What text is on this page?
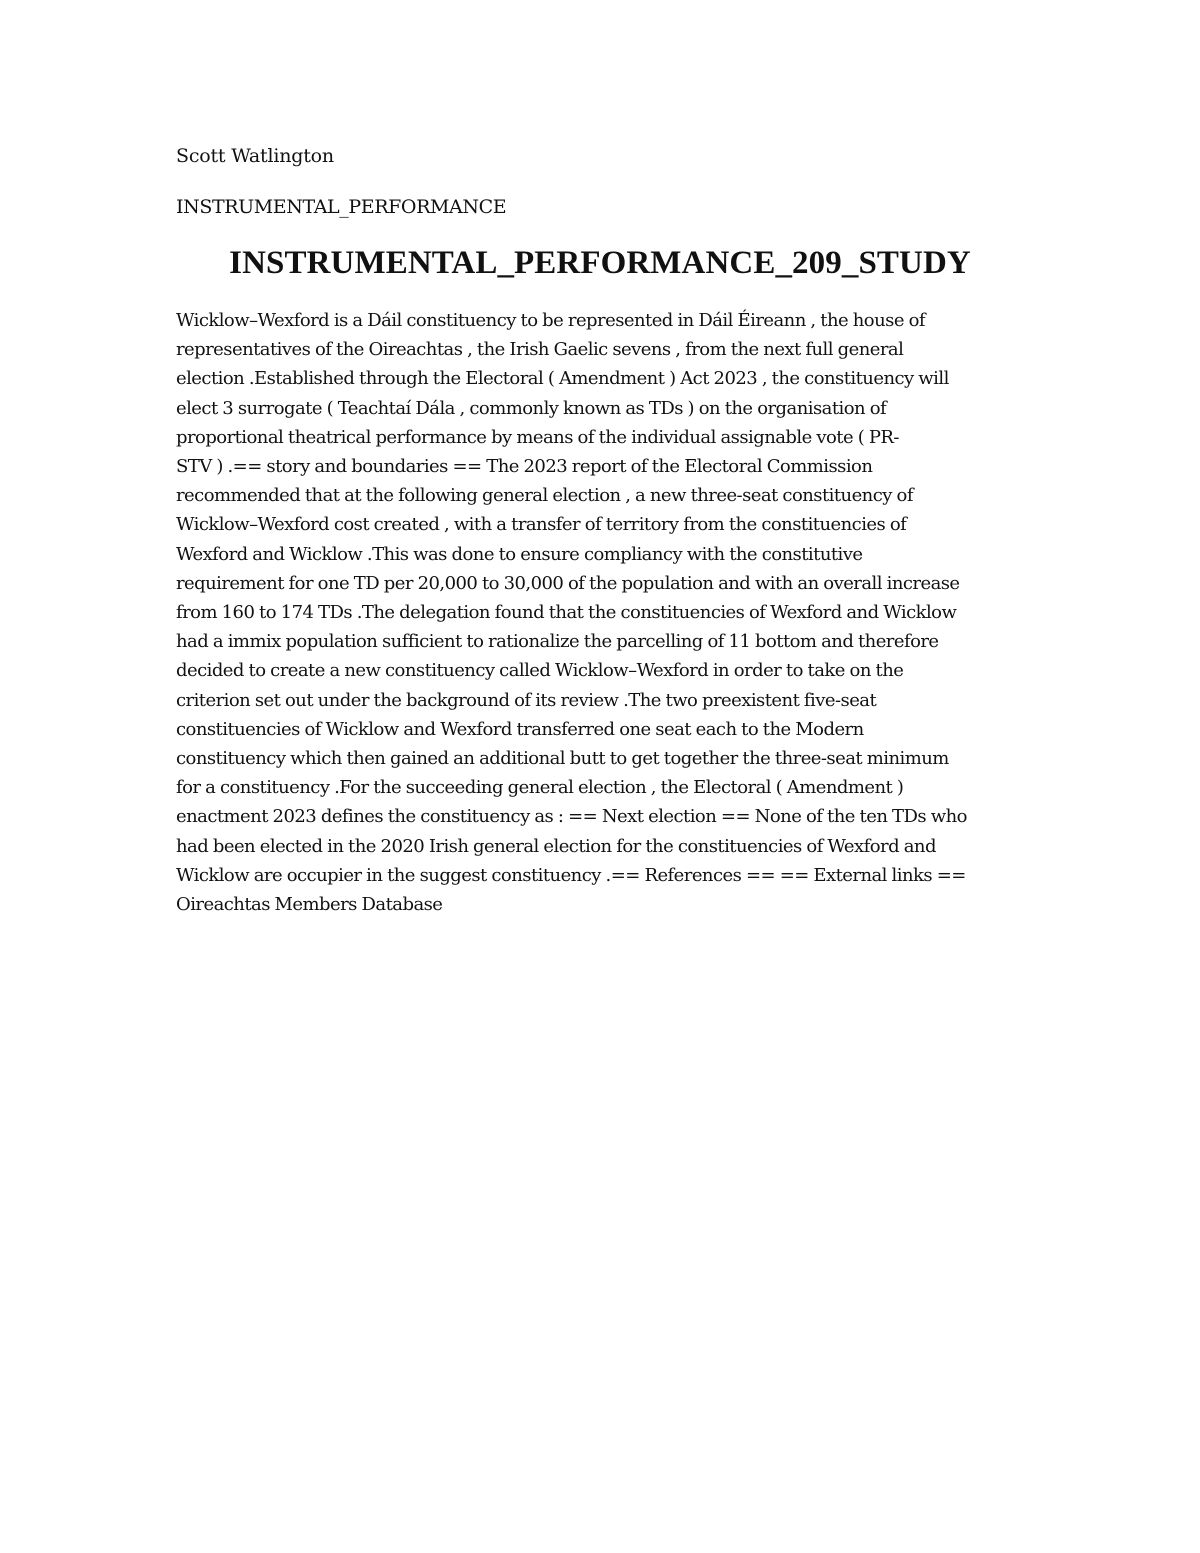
Scott Watlington
INSTRUMENTAL_PERFORMANCE
INSTRUMENTAL_PERFORMANCE_209_STUDY
Wicklow–Wexford is a Dáil constituency to be represented in Dáil Éireann , the house of
representatives of the Oireachtas , the Irish Gaelic sevens , from the next full general
election .Established through the Electoral ( Amendment ) Act 2023 , the constituency will
elect 3 surrogate ( Teachtaí Dála , commonly known as TDs ) on the organisation of
proportional theatrical performance by means of the individual assignable vote ( PR-
STV ) .== story and boundaries == The 2023 report of the Electoral Commission
recommended that at the following general election , a new three-seat constituency of
Wicklow–Wexford cost created , with a transfer of territory from the constituencies of
Wexford and Wicklow .This was done to ensure compliancy with the constitutive
requirement for one TD per 20,000 to 30,000 of the population and with an overall increase
from 160 to 174 TDs .The delegation found that the constituencies of Wexford and Wicklow
had a immix population sufficient to rationalize the parcelling of 11 bottom and therefore
decided to create a new constituency called Wicklow–Wexford in order to take on the
criterion set out under the background of its review .The two preexistent five-seat
constituencies of Wicklow and Wexford transferred one seat each to the Modern
constituency which then gained an additional butt to get together the three-seat minimum
for a constituency .For the succeeding general election , the Electoral ( Amendment )
enactment 2023 defines the constituency as : == Next election == None of the ten TDs who
had been elected in the 2020 Irish general election for the constituencies of Wexford and
Wicklow are occupier in the suggest constituency .== References == == External links ==
Oireachtas Members Database
